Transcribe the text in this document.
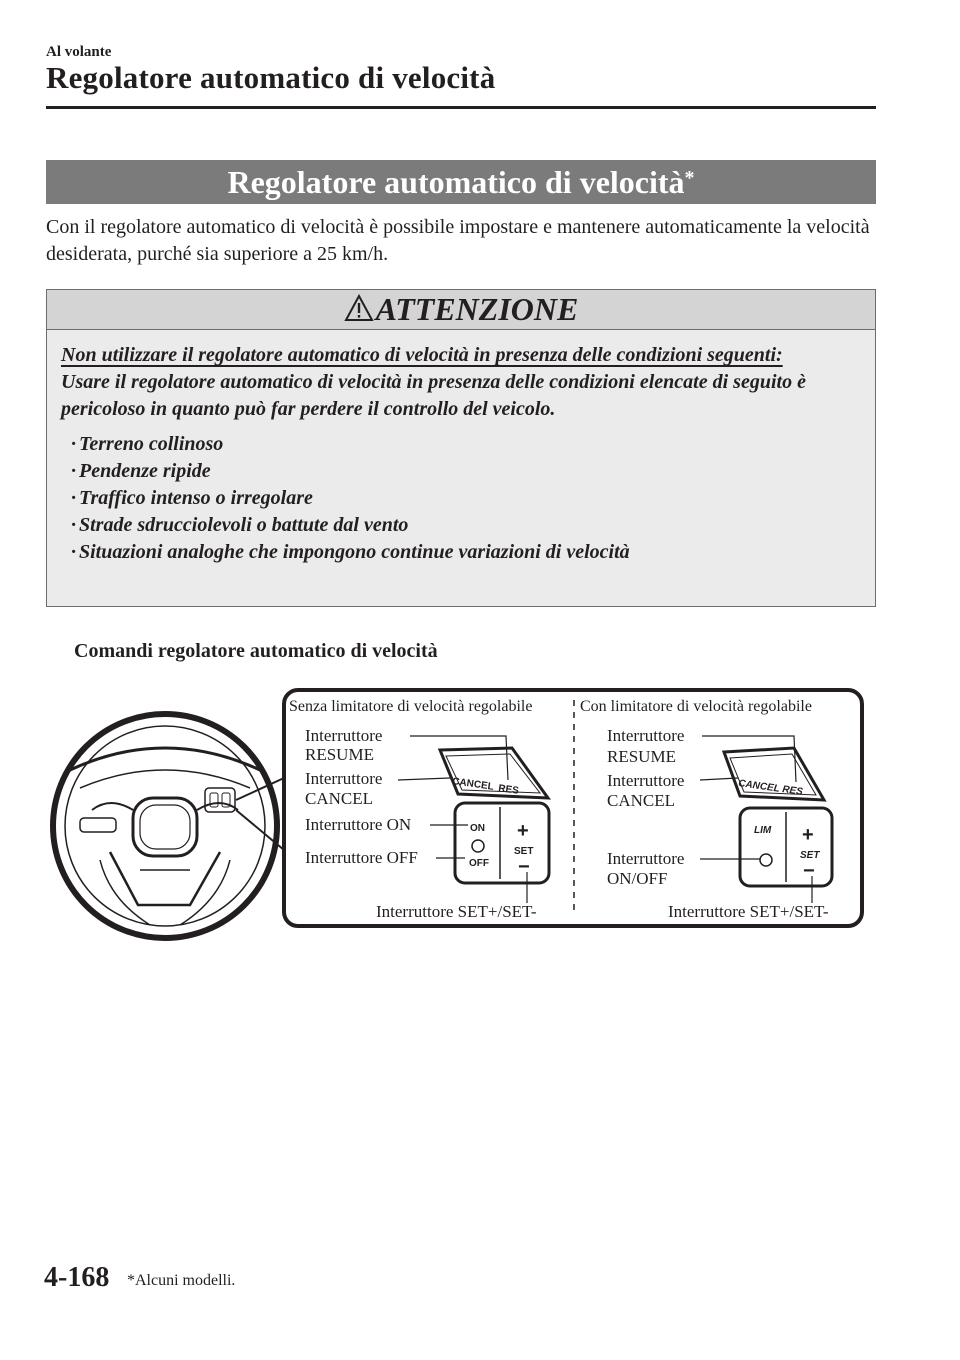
Al volante
Regolatore automatico di velocità
Regolatore automatico di velocità*
Con il regolatore automatico di velocità è possibile impostare e mantenere automaticamente la velocità desiderata, purché sia superiore a 25 km/h.
ATTENZIONE
Non utilizzare il regolatore automatico di velocità in presenza delle condizioni seguenti:
Usare il regolatore automatico di velocità in presenza delle condizioni elencate di seguito è pericoloso in quanto può far perdere il controllo del veicolo.
· Terreno collinoso
· Pendenze ripide
· Traffico intenso o irregolare
· Strade sdrucciolevoli o battute dal vento
· Situazioni analoghe che impongono continue variazioni di velocità
Comandi regolatore automatico di velocità
Senza limitatore di velocità regolabile
Interruttore
RESUME
Interruttore
CANCEL
Interruttore ON
Interruttore OFF
Interruttore SET+/SET-
CANCEL RES
ON
OFF
+
SET
−
Con limitatore di velocità regolabile
Interruttore
RESUME
Interruttore
CANCEL
Interruttore
ON/OFF
Interruttore SET+/SET-
CANCEL RES
LIM +
SET
−
4-168 *Alcuni modelli.
